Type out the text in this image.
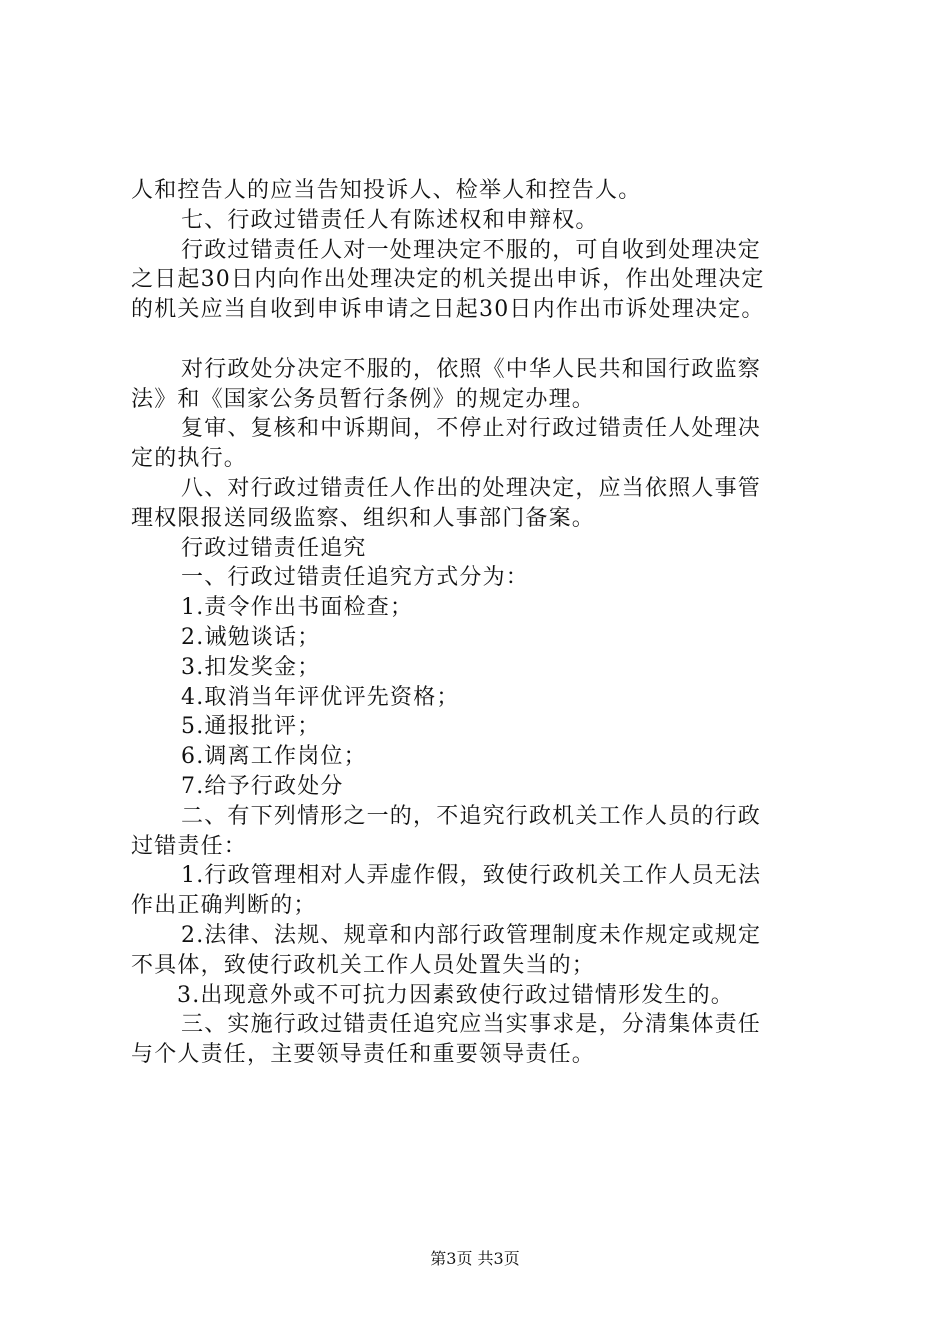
人和控告人的应当告知投诉人、检举人和控告人。
七、行政过错责任人有陈述权和申辩权。
行政过错责任人对一处理决定不服的，可自收到处理决定
之日起30日内向作出处理决定的机关提出申诉，作出处理决定
的机关应当自收到申诉申请之日起30日内作出巿诉处理决定。
对行政处分决定不服的，依照《中华人民共和国行政监察
法》和《国家公务员暂行条例》的规定办理。
复审、复核和中诉期间，不停止对行政过错责任人处理决
定的执行。
八、对行政过错责任人作出的处理决定，应当依照人事管
理权限报送同级监察、组织和人事部门备案。
行政过错责任追究
一、行政过错责任追究方式分为：
1.责令作出书面检查；
2.诫勉谈话；
3.扣发奖金；
4.取消当年评优评先资格；
5.通报批评；
6.调离工作岗位；
7.给予行政处分
二、有下列情形之一的，不追究行政机关工作人员的行政
过错责任：
1.行政管理相对人弄虚作假，致使行政机关工作人员无法
作出正确判断的；
2.法律、法规、规章和内部行政管理制度未作规定或规定
不具体，致使行政机关工作人员处置失当的；
3.出现意外或不可抗力因素致使行政过错情形发生的。
三、实施行政过错责任追究应当实事求是，分清集体责任
与个人责任，主要领导责任和重要领导责任。
第3页 共3页
